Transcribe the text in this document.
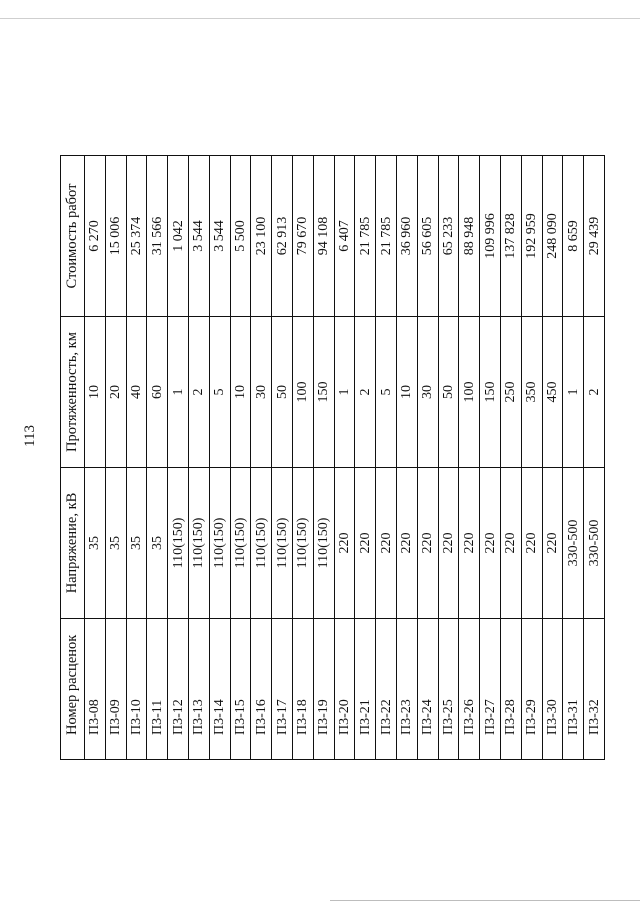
113
Номер расценок	Напряжение, кВ	Протяженность, км	Стоимость работ
П3-08	35	10	6 270
П3-09	35	20	15 006
П3-10	35	40	25 374
П3-11	35	60	31 566
П3-12	110(150)	1	1 042
П3-13	110(150)	2	3 544
П3-14	110(150)	5	3 544
П3-15	110(150)	10	5 500
П3-16	110(150)	30	23 100
П3-17	110(150)	50	62 913
П3-18	110(150)	100	79 670
П3-19	110(150)	150	94 108
П3-20	220	1	6 407
П3-21	220	2	21 785
П3-22	220	5	21 785
П3-23	220	10	36 960
П3-24	220	30	56 605
П3-25	220	50	65 233
П3-26	220	100	88 948
П3-27	220	150	109 996
П3-28	220	250	137 828
П3-29	220	350	192 959
П3-30	220	450	248 090
П3-31	330-500	1	8 659
П3-32	330-500	2	29 439
